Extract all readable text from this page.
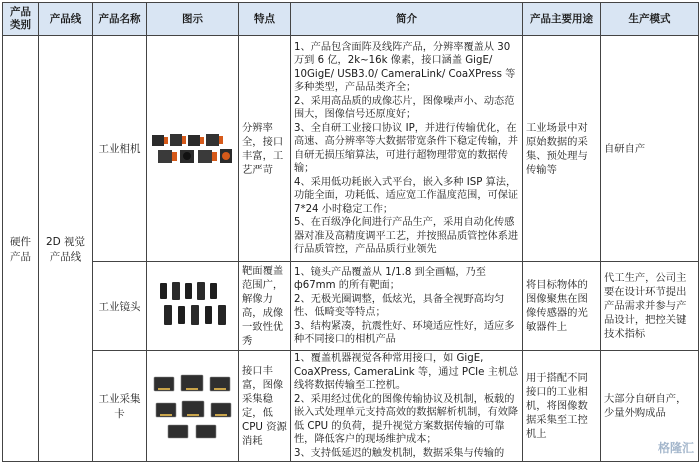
产品类别	产品线	产品名称	图示	特点	简介	产品主要用途	生产模式
硬件产品	2D 视觉产品线	工业相机		分辨率全，接口丰富，工艺严苛	1、产品包含面阵及线阵产品，分辨率覆盖从 30万到 6 亿，2k~16k 像素，接口涵盖 GigE/ 10GigE/ USB3.0/ CameraLink/ CoaXPress 等多种类型，产品品类齐全；
2、采用高品质的成像芯片，图像噪声小、动态范围大，图像信号还原度好；
3、全自研工业接口协议 IP，并进行传输优化，在高速、高分辨率等大数据带宽条件下稳定传输，并自研无损压缩算法，可进行超物理带宽的数据传输；
4、采用低功耗嵌入式平台，嵌入多种 ISP 算法，功能全面，功耗低、适应宽工作温度范围，可保证 7*24 小时稳定工作；
5、在百级净化间进行产品生产，采用自动化传感器对准及高精度调平工艺，并按照品质管控体系进行品质管控，产品品质行业领先	工业场景中对原始数据的采集、预处理与传输等	自研自产
		工业镜头		靶面覆盖范围广，解像力高，成像一致性优秀	1、镜头产品覆盖从 1/1.8 到全画幅，乃至 ф67mm 的所有靶面；
2、无极光圈调整，低炫光，具备全视野高均匀性、低畸变等特点；
3、结构紧凑，抗震性好、环境适应性好，适应多种不同接口的相机产品	将目标物体的图像聚焦在图像传感器的光敏器件上	代工生产，公司主要在设计环节提出产品需求并参与产品设计，把控关键技术指标
		工业采集卡		接口丰富，图像采集稳定，低 CPU 资源消耗	1、覆盖机器视觉各种常用接口，如 GigE, CoaXPress, CameraLink 等，通过 PCIe 主机总线将数据传输至工控机。
2、采用经过优化的图像传输协议及机制，板载的嵌入式处理单元支持高效的数据解析机制，有效降低 CPU 的负荷，提升视觉方案数据传输的可靠性，降低客户的现场维护成本；
3、支持低延迟的触发机制，数据采集与传输的	用于搭配不同接口的工业相机，将图像数据采集至工控机上	大部分自研自产，少量外购成品
格隆汇
